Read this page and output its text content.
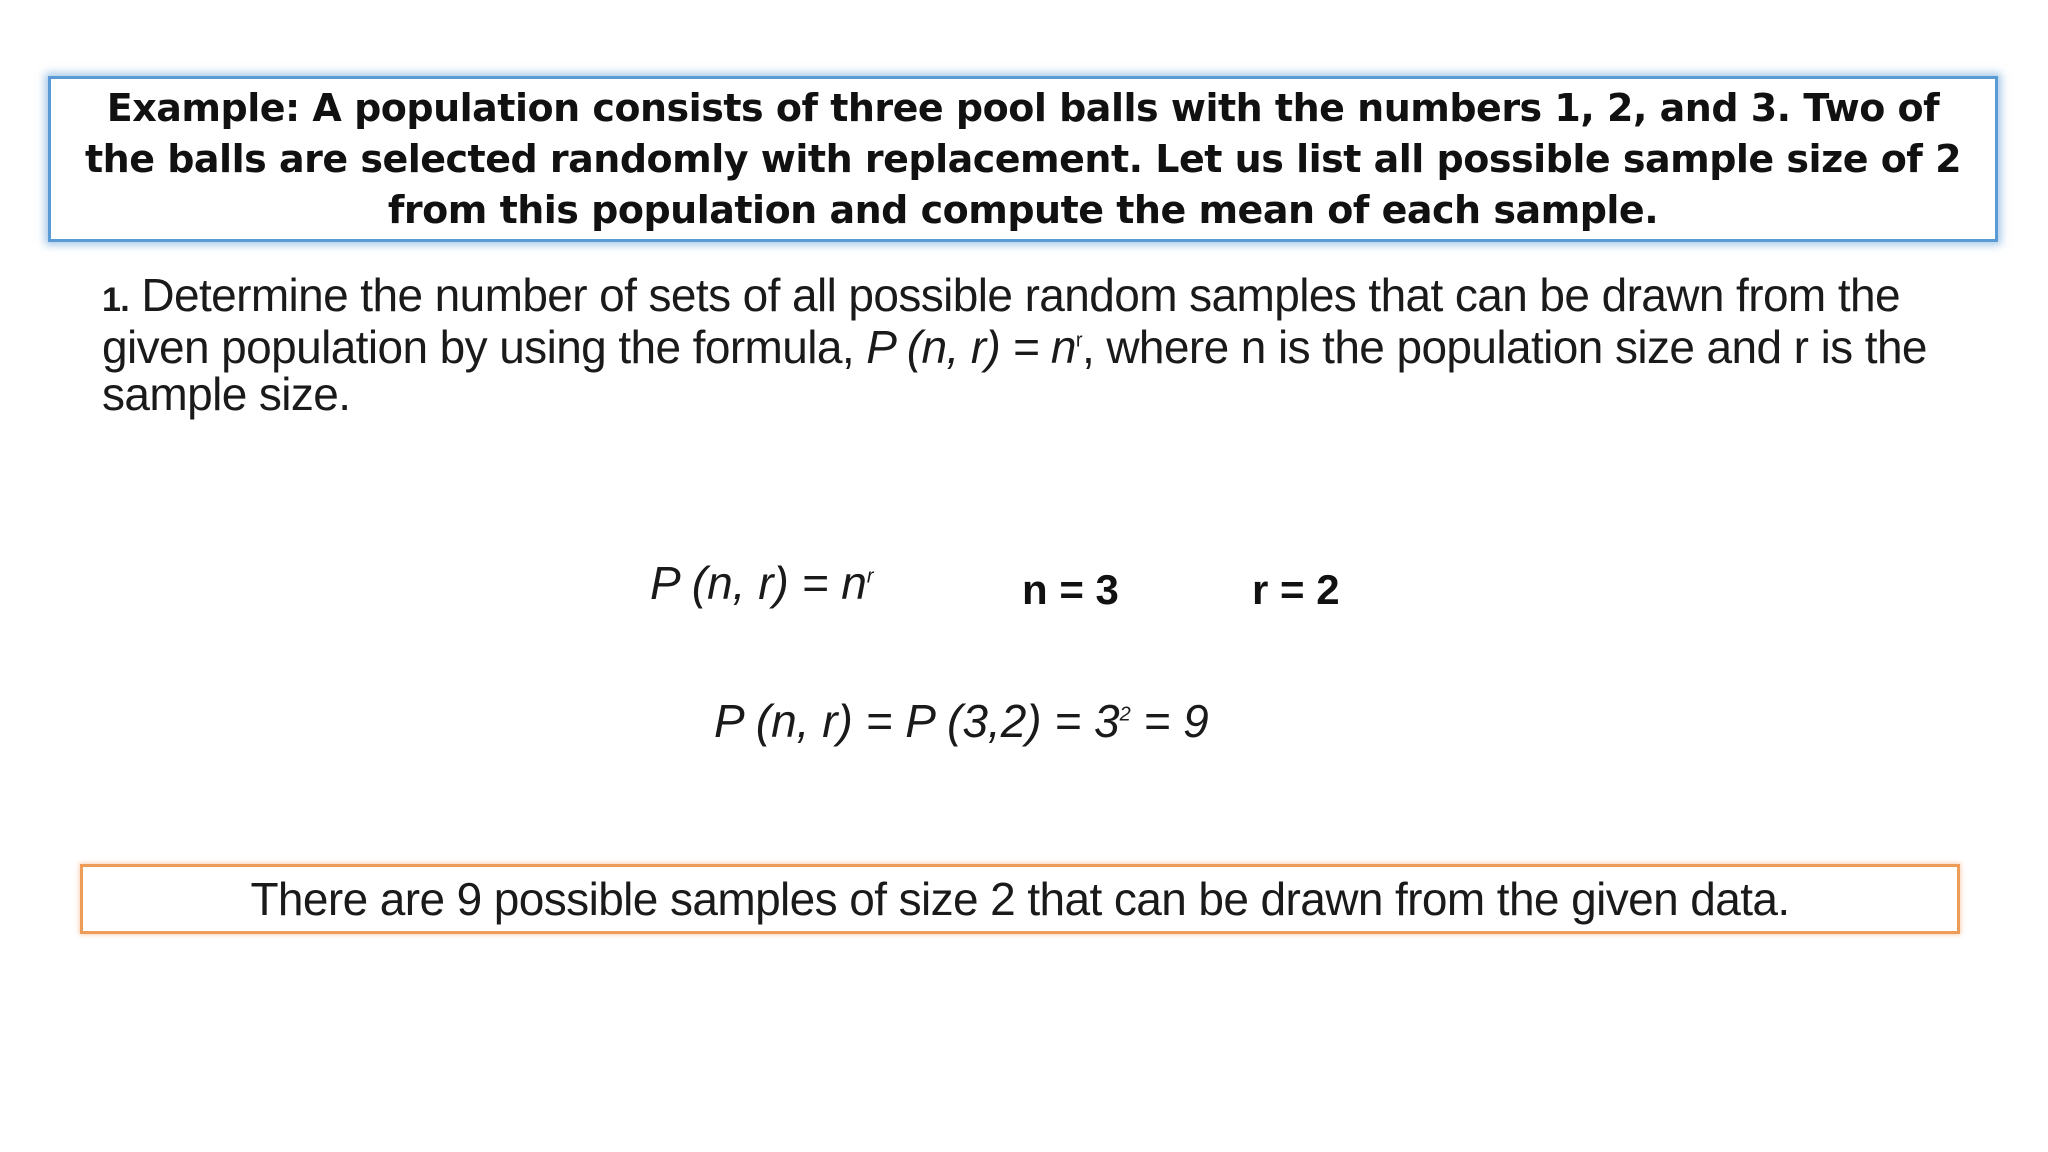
Example: A population consists of three pool balls with the numbers 1, 2, and 3. Two of the balls are selected randomly with replacement. Let us list all possible sample size of 2 from this population and compute the mean of each sample.
1. Determine the number of sets of all possible random samples that can be drawn from the given population by using the formula, P (n, $r) = n^r$, where n is the population size and r is the sample size.
P (n, $r) = n^r$	n = 3	r = 2
P (n, r) = P $(3,2) = 3^2 = 9$
There are 9 possible samples of size 2 that can be drawn from the given data.
